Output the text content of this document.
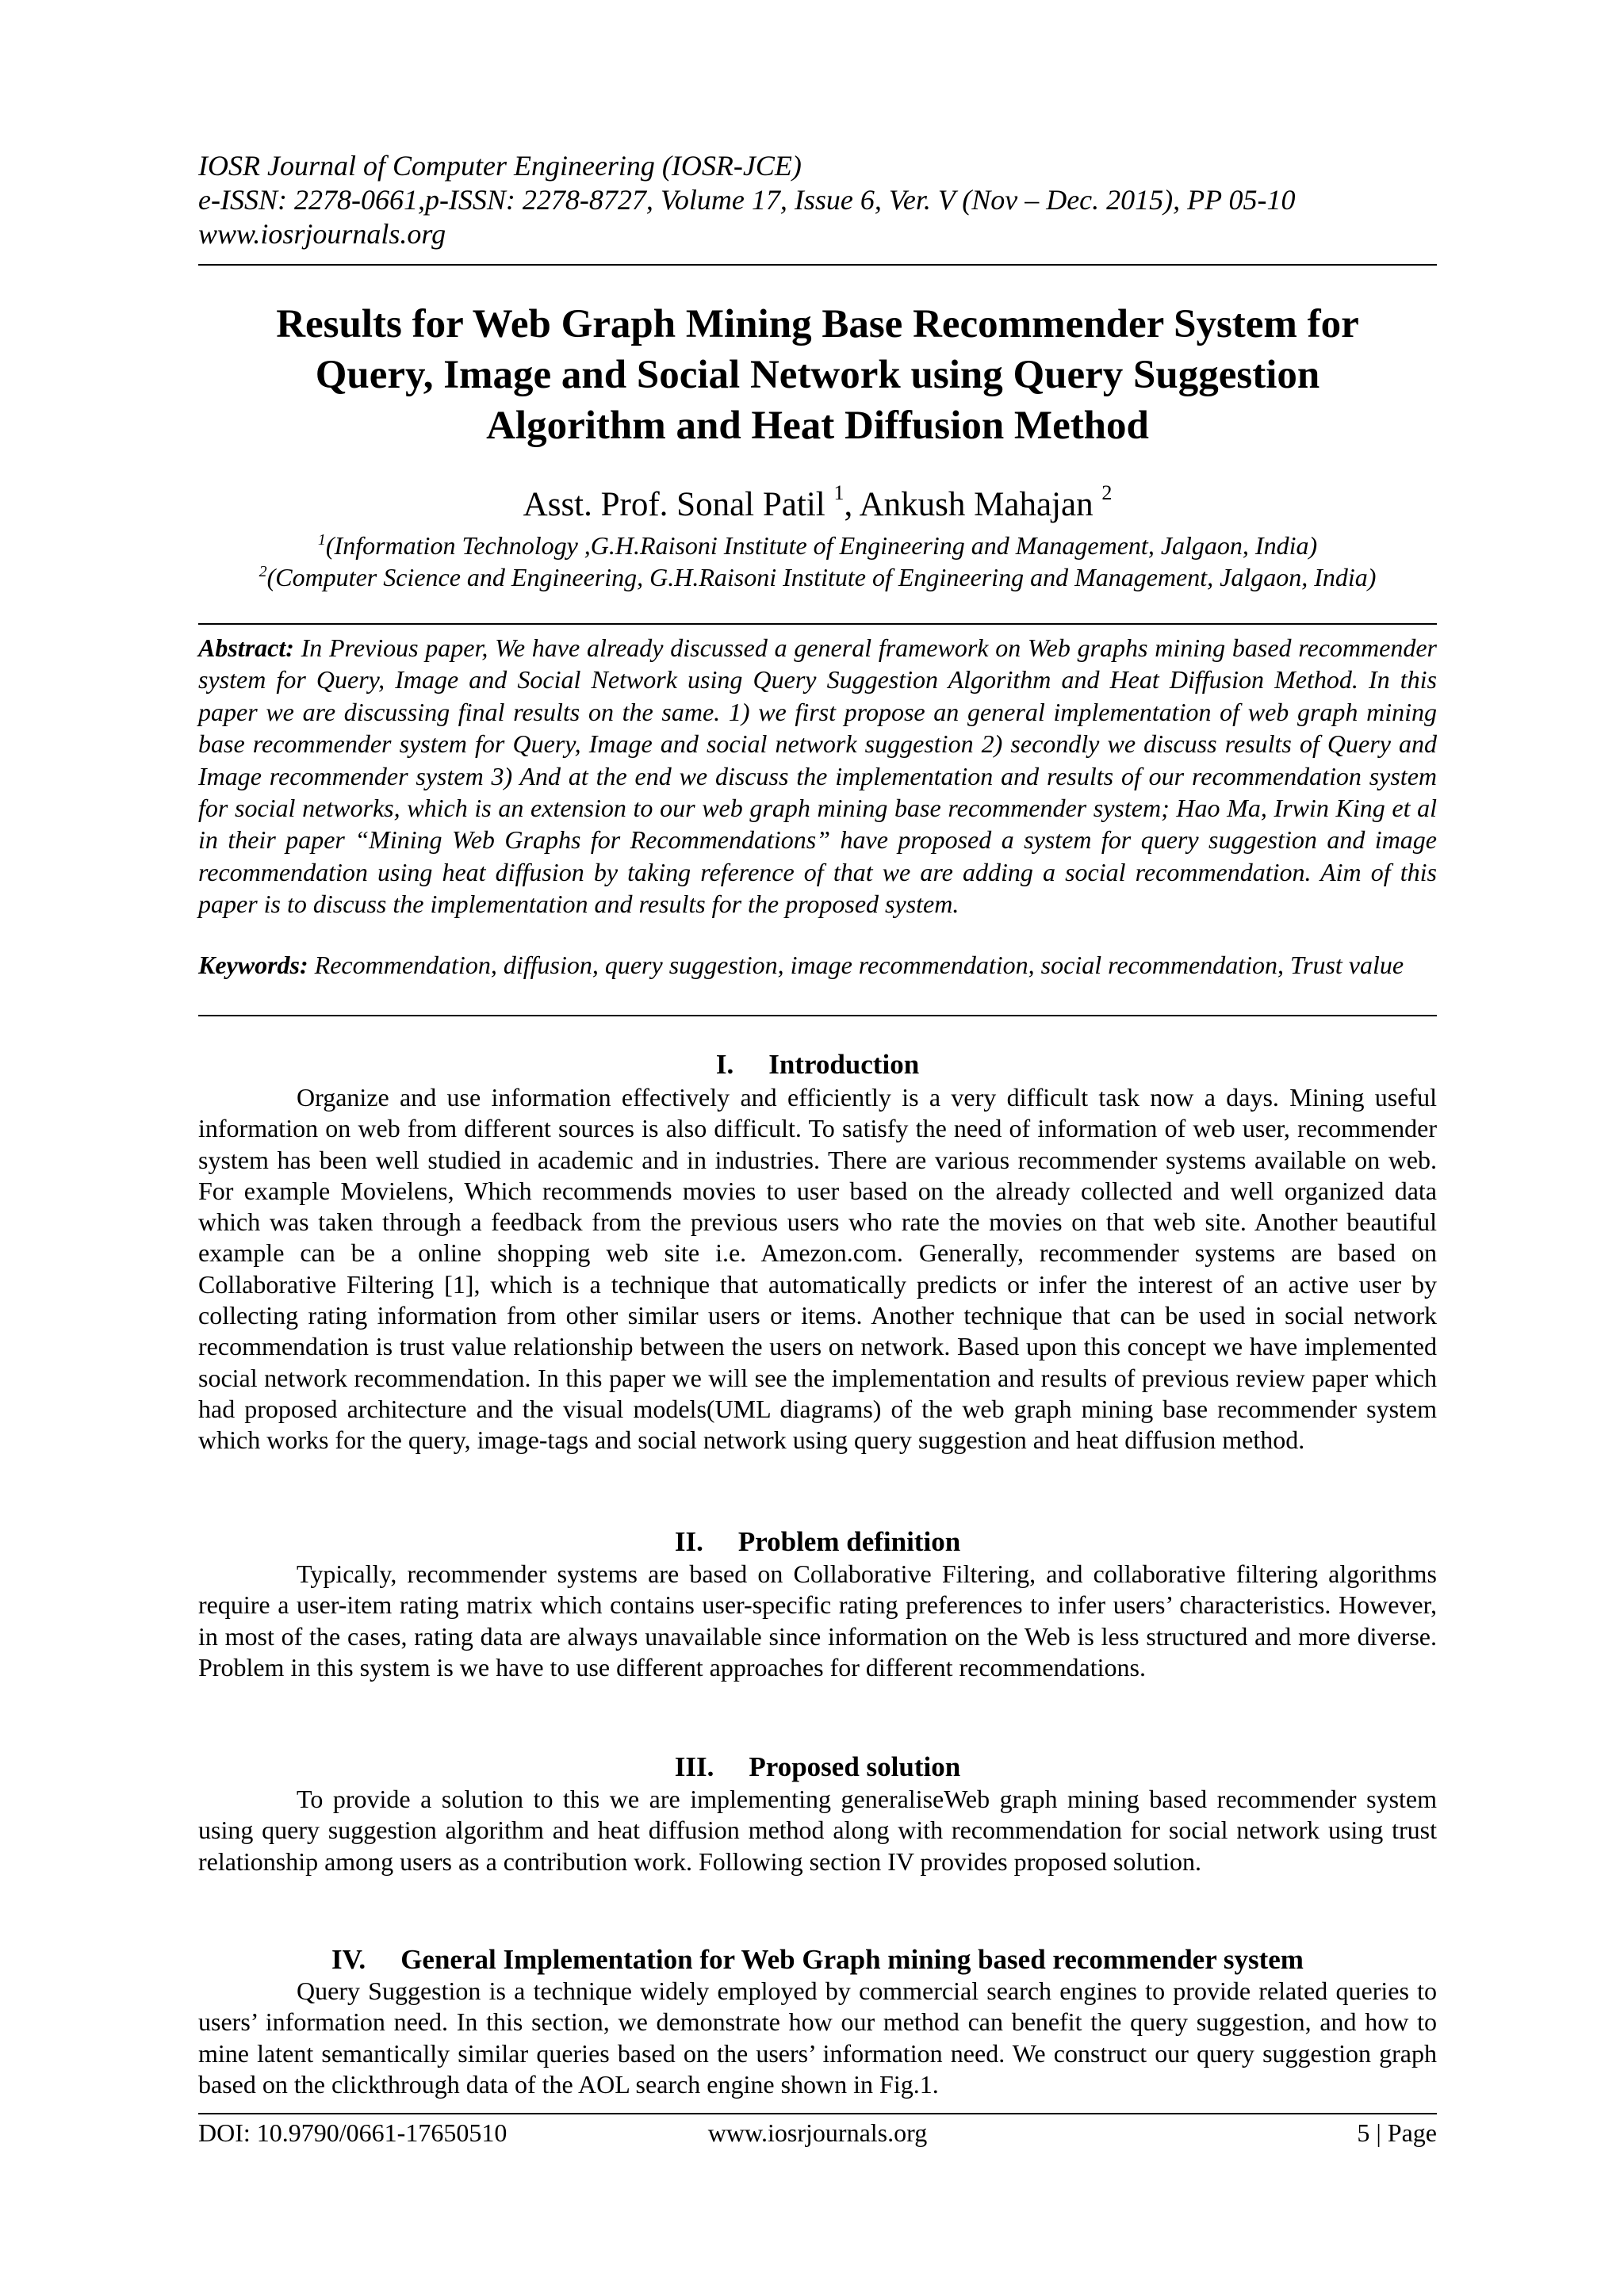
IOSR Journal of Computer Engineering (IOSR-JCE)
e-ISSN: 2278-0661,p-ISSN: 2278-8727, Volume 17, Issue 6, Ver. V (Nov – Dec. 2015), PP 05-10
www.iosrjournals.org
Results for Web Graph Mining Base Recommender System for
Query, Image and Social Network using Query Suggestion
Algorithm and Heat Diffusion Method
Asst. Prof. Sonal Patil $^1$, Ankush Mahajan $^2$
$^1$(Information Technology ,G.H.Raisoni Institute of Engineering and Management, Jalgaon, India)
$^2$(Computer Science and Engineering, G.H.Raisoni Institute of Engineering and Management, Jalgaon, India)
Abstract: In Previous paper, We have already discussed a general framework on Web graphs mining based recommender system for Query, Image and Social Network using Query Suggestion Algorithm and Heat Diffusion Method. In this paper we are discussing final results on the same. 1) we first propose an general implementation of web graph mining base recommender system for Query, Image and social network suggestion 2) secondly we discuss results of Query and Image recommender system 3) And at the end we discuss the implementation and results of our recommendation system for social networks, which is an extension to our web graph mining base recommender system; Hao Ma, Irwin King et al in their paper “Mining Web Graphs for Recommendations” have proposed a system for query suggestion and image recommendation using heat diffusion by taking reference of that we are adding a social recommendation. Aim of this paper is to discuss the implementation and results for the proposed system.
Keywords: Recommendation, diffusion, query suggestion, image recommendation, social recommendation, Trust value
I. Introduction
Organize and use information effectively and efficiently is a very difficult task now a days. Mining useful information on web from different sources is also difficult. To satisfy the need of information of web user, recommender system has been well studied in academic and in industries. There are various recommender systems available on web. For example Movielens, Which recommends movies to user based on the already collected and well organized data which was taken through a feedback from the previous users who rate the movies on that web site. Another beautiful example can be a online shopping web site i.e. Amezon.com. Generally, recommender systems are based on Collaborative Filtering [1], which is a technique that automatically predicts or infer the interest of an active user by collecting rating information from other similar users or items. Another technique that can be used in social network recommendation is trust value relationship between the users on network. Based upon this concept we have implemented social network recommendation. In this paper we will see the implementation and results of previous review paper which had proposed architecture and the visual models(UML diagrams) of the web graph mining base recommender system which works for the query, image-tags and social network using query suggestion and heat diffusion method.
II. Problem definition
Typically, recommender systems are based on Collaborative Filtering, and collaborative filtering algorithms require a user-item rating matrix which contains user-specific rating preferences to infer users’ characteristics. However, in most of the cases, rating data are always unavailable since information on the Web is less structured and more diverse. Problem in this system is we have to use different approaches for different recommendations.
III. Proposed solution
To provide a solution to this we are implementing generaliseWeb graph mining based recommender system using query suggestion algorithm and heat diffusion method along with recommendation for social network using trust relationship among users as a contribution work. Following section IV provides proposed solution.
IV. General Implementation for Web Graph mining based recommender system
Query Suggestion is a technique widely employed by commercial search engines to provide related queries to users’ information need. In this section, we demonstrate how our method can benefit the query suggestion, and how to mine latent semantically similar queries based on the users’ information need. We construct our query suggestion graph based on the clickthrough data of the AOL search engine shown in Fig.1.
DOI: 10.9790/0661-17650510	www.iosrjournals.org	5 | Page
